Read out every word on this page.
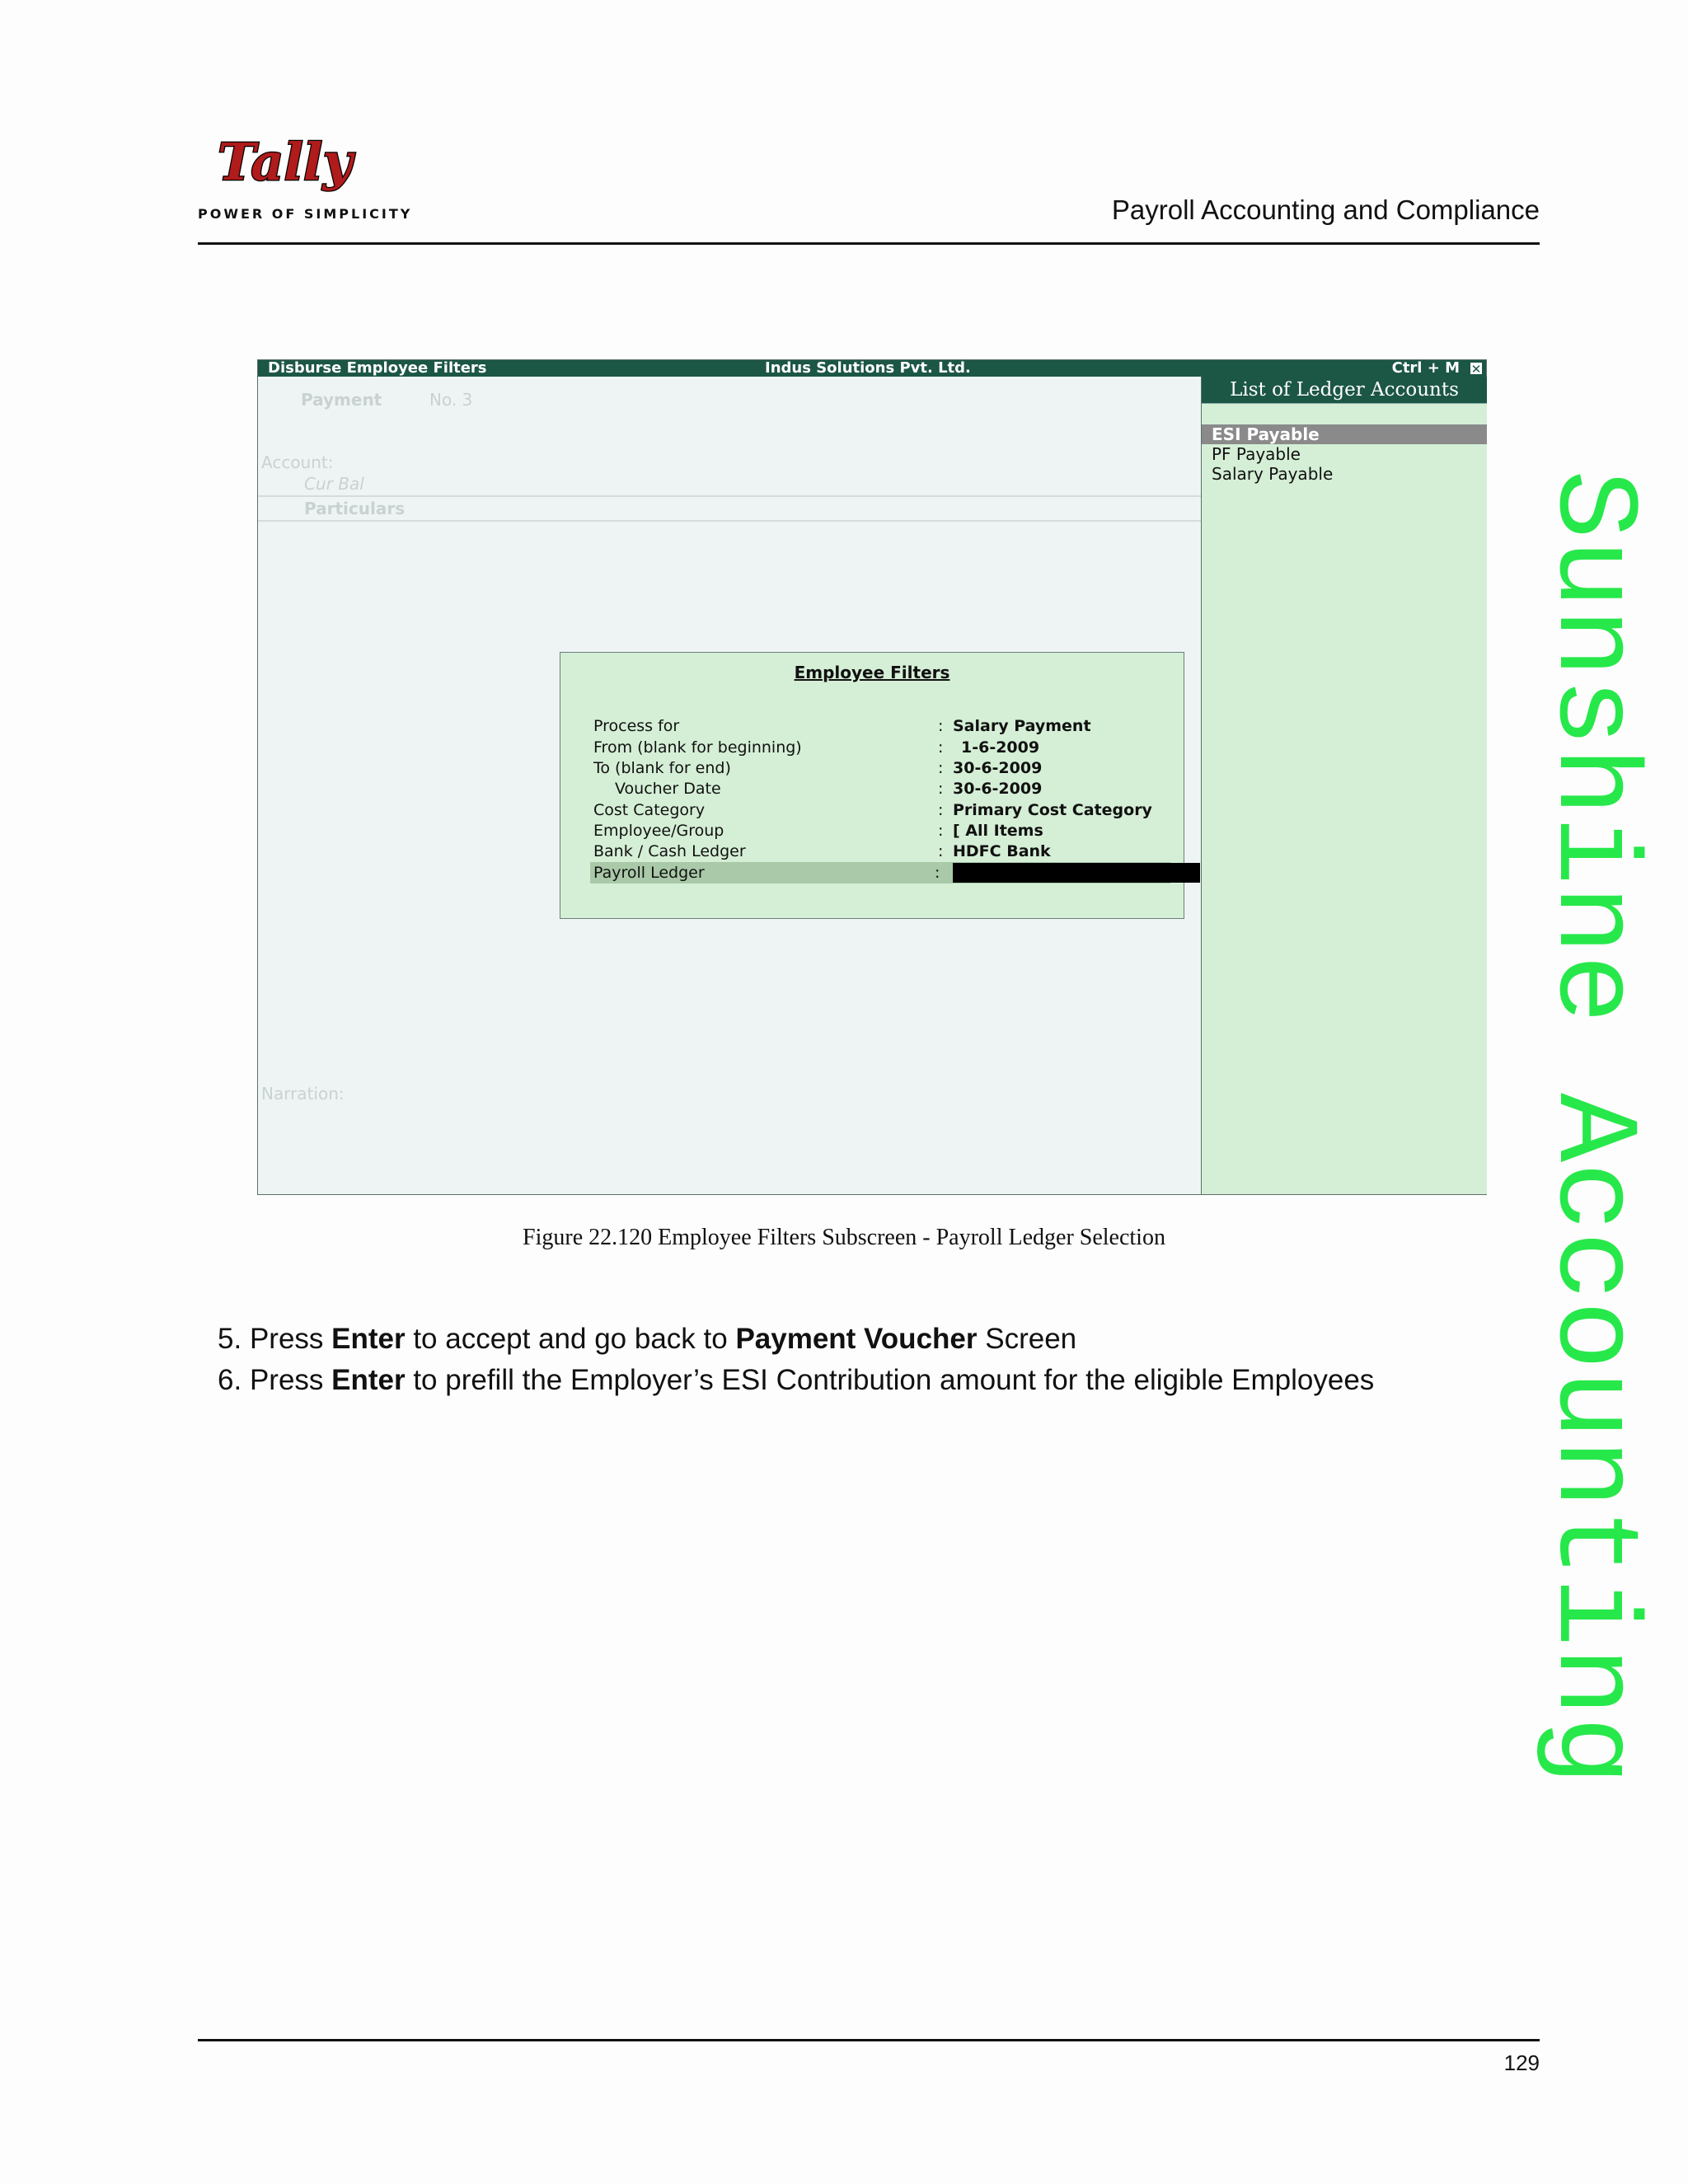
Tally
POWER OF SIMPLICITY	Payroll Accounting and Compliance
Disburse Employee Filters	Indus Solutions Pvt. Ltd.	Ctrl + M ✕
Payment	No. 3
Account:
Cur Bal
Particulars
Narration:
List of Ledger Accounts
ESI Payable
PF Payable
Salary Payable
Employee Filters
Process for	: Salary Payment
From (blank for beginning)	: 1-6-2009
To (blank for end)	: 30-6-2009
Voucher Date	: 30-6-2009
Cost Category	: Primary Cost Category
Employee/Group	: [ All Items
Bank / Cash Ledger	: HDFC Bank
Payroll Ledger	:
Figure 22.120 Employee Filters Subscreen - Payroll Ledger Selection
5. Press Enter to accept and go back to Payment Voucher Screen
6. Press Enter to prefill the Employer’s ESI Contribution amount for the eligible Employees Sunshine Accounting
129
